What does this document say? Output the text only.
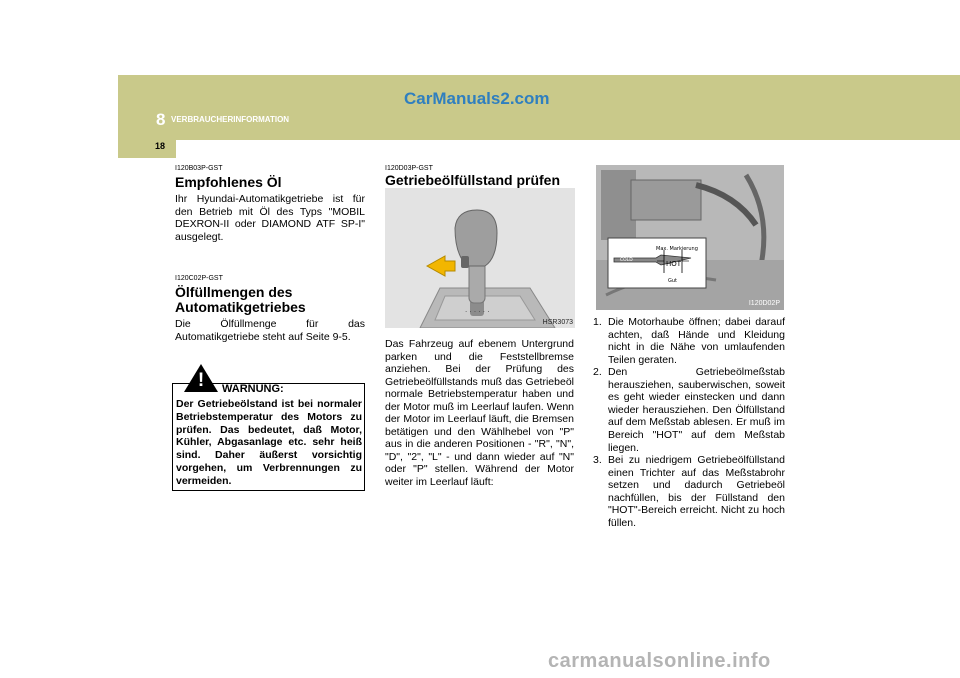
8 VERBRAUCHERINFORMATION
CarManuals2.com
18
I120B03P-GST
Empfohlenes Öl
Ihr Hyundai-Automatikgetriebe ist für den Betrieb mit Öl des Typs "MOBIL DEXRON-II oder DIAMOND ATF SP-I" ausgelegt.
I120C02P-GST
Ölfüllmengen des
Automatikgetriebes
Die Ölfüllmenge für das Automatikgetriebe steht auf Seite 9-5.
! WARNUNG:
Der Getriebeölstand ist bei normaler Betriebstemperatur des Motors zu prüfen. Das bedeutet, daß Motor, Kühler, Abgasanlage etc. sehr heiß sind. Daher äußerst vorsichtig vorgehen, um Verbrennungen zu vermeiden.
I120D03P-GST
Getriebeölfüllstand prüfen
· · · · · ·
HSR3073
Das Fahrzeug auf ebenem Untergrund parken und die Feststellbremse anziehen. Bei der Prüfung des Getriebeölfüllstands muß das Getriebeöl normale Betriebstemperatur haben und der Motor muß im Leerlauf laufen. Wenn der Motor im Leerlauf läuft, die Bremsen betätigen und den Wählhebel von "P" aus in die anderen Positionen - "R", "N", "D", "2", "L" - und dann wieder auf "N" oder "P" stellen. Während der Motor weiter im Leerlauf läuft:
COLD
Max. Markierung
HOT
Gut
I120D02P
1. Die Motorhaube öffnen; dabei darauf achten, daß Hände und Kleidung nicht in die Nähe von umlaufenden Teilen geraten.
2. Den Getriebeölmeßstab herausziehen, sauberwischen, soweit es geht wieder einstecken und dann wieder herausziehen. Den Ölfüllstand auf dem Meßstab ablesen. Er muß im Bereich "HOT" auf dem Meßstab liegen.
3. Bei zu niedrigem Getriebeölfüllstand einen Trichter auf das Meßstabrohr setzen und dadurch Getriebeöl nachfüllen, bis der Füllstand den "HOT"-Bereich erreicht. Nicht zu hoch füllen.
carmanualsonline.info
